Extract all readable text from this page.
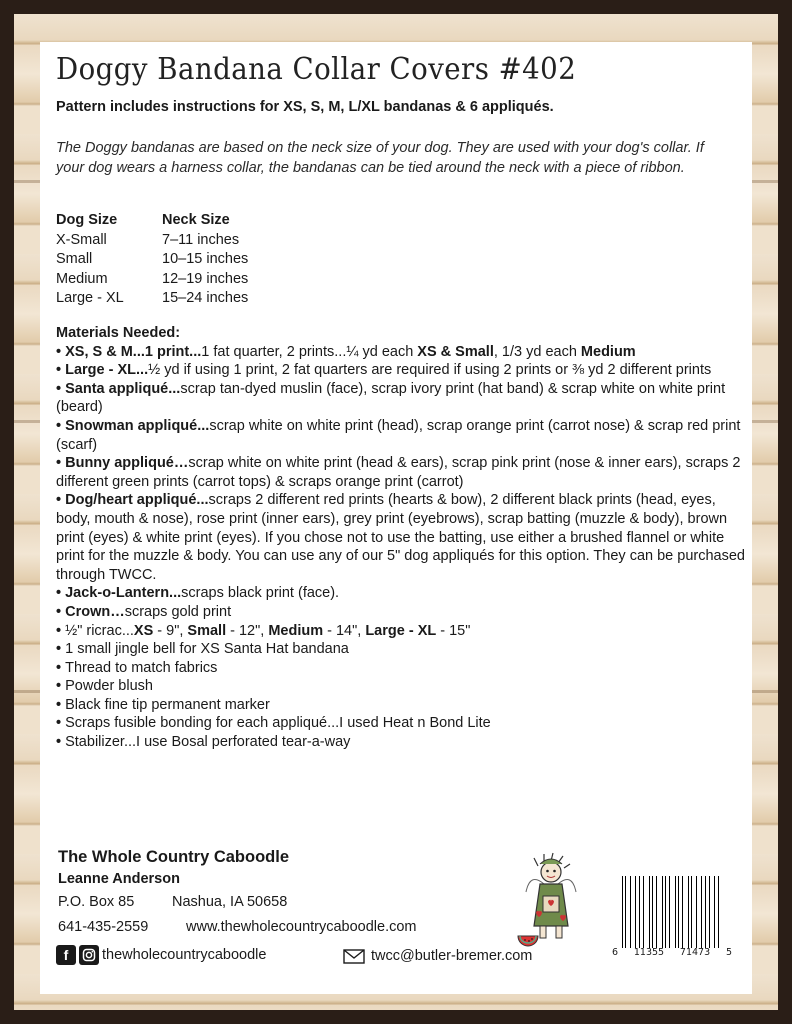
Doggy Bandana Collar Covers #402
Pattern includes instructions for XS, S, M, L/XL bandanas & 6 appliqués.
The Doggy bandanas are based on the neck size of your dog. They are used with your dog's collar. If your dog wears a harness collar, the bandanas can be tied around the neck with a piece of ribbon.
Dog Size	Neck Size
X-Small	7–11 inches
Small	10–15 inches
Medium	12–19 inches
Large - XL	15–24 inches
Materials Needed:
• XS, S & M...1 print...1 fat quarter, 2 prints...¼ yd each XS & Small, 1/3 yd each Medium
• Large - XL...½ yd if using 1 print, 2 fat quarters are required if using 2 prints or ⅜ yd 2 different prints
• Santa appliqué...scrap tan-dyed muslin (face), scrap ivory print (hat band) & scrap white on white print (beard)
• Snowman appliqué...scrap white on white print (head), scrap orange print (carrot nose) & scrap red print (scarf)
• Bunny appliqué…scrap white on white print (head & ears), scrap pink print (nose & inner ears), scraps 2 different green prints (carrot tops) & scraps orange print (carrot)
• Dog/heart appliqué...scraps 2 different red prints (hearts & bow), 2 different black prints (head, eyes, body, mouth & nose), rose print (inner ears), grey print (eyebrows), scrap batting (muzzle & body), brown print (eyes) & white print (eyes). If you chose not to use the batting, use either a brushed flannel or white print for the muzzle & body. You can use any of our 5" dog appliqués for this option. They can be purchased through TWCC.
• Jack-o-Lantern...scraps black print (face).
• Crown…scraps gold print
• ½" ricrac...XS - 9", Small - 12", Medium - 14", Large - XL - 15"
• 1 small jingle bell for XS Santa Hat bandana
• Thread to match fabrics
• Powder blush
• Black fine tip permanent marker
• Scraps fusible bonding for each appliqué...I used Heat n Bond Lite
• Stabilizer...I use Bosal perforated tear-a-way
The Whole Country Caboodle
Leanne Anderson
P.O. Box 85	Nashua, IA 50658
641-435-2559	www.thewholecountrycaboodle.com
f	thewholecountrycaboodle	twcc@butler-bremer.com	6 11355 71473 5
